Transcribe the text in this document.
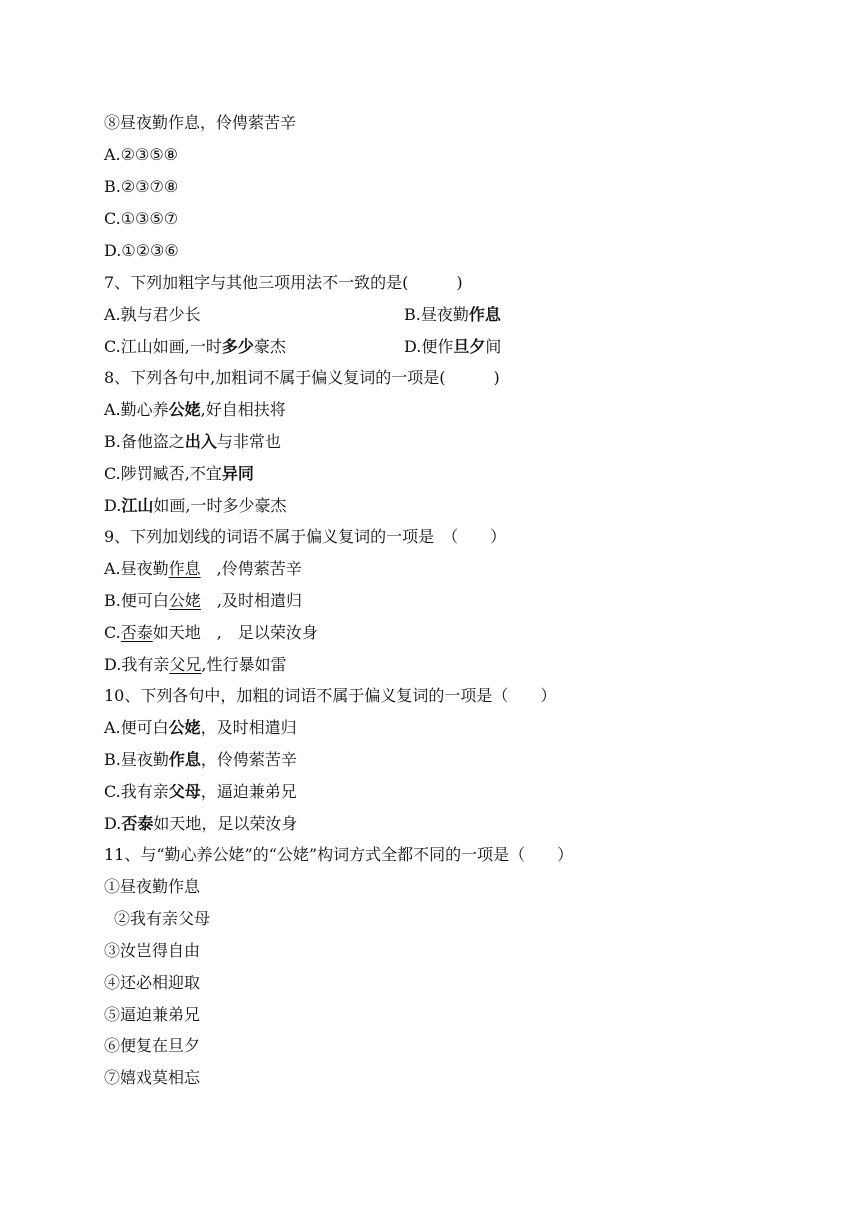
⑧昼夜勤作息，伶俜萦苦辛
A.②③⑤⑧
B.②③⑦⑧
C.①③⑤⑦
D.①②③⑥
7、下列加粗字与其他三项用法不一致的是(　　　)
A.孰与君少长	B.昼夜勤作息
C.江山如画,一时多少豪杰	D.便作旦夕间
8、下列各句中,加粗词不属于偏义复词的一项是(　　　)
A.勤心养公姥,好自相扶将
B.备他盗之出入与非常也
C.陟罚臧否,不宜异同
D.江山如画,一时多少豪杰
9、下列加划线的词语不属于偏义复词的一项是　（　　）
A.昼夜勤作息　,伶俜萦苦辛
B.便可白公姥　,及时相遣归
C.否泰如天地　,　足以荣汝身
D.我有亲父兄,性行暴如雷
10、下列各句中，加粗的词语不属于偏义复词的一项是（　　）
A.便可白公姥，及时相遣归
B.昼夜勤作息，伶俜萦苦辛
C.我有亲父母，逼迫兼弟兄
D.否泰如天地，足以荣汝身
11、与“勤心养公姥”的“公姥”构词方式全都不同的一项是（　　）
①昼夜勤作息
②我有亲父母
③汝岂得自由
④还必相迎取
⑤逼迫兼弟兄
⑥便复在旦夕
⑦嬉戏莫相忘
